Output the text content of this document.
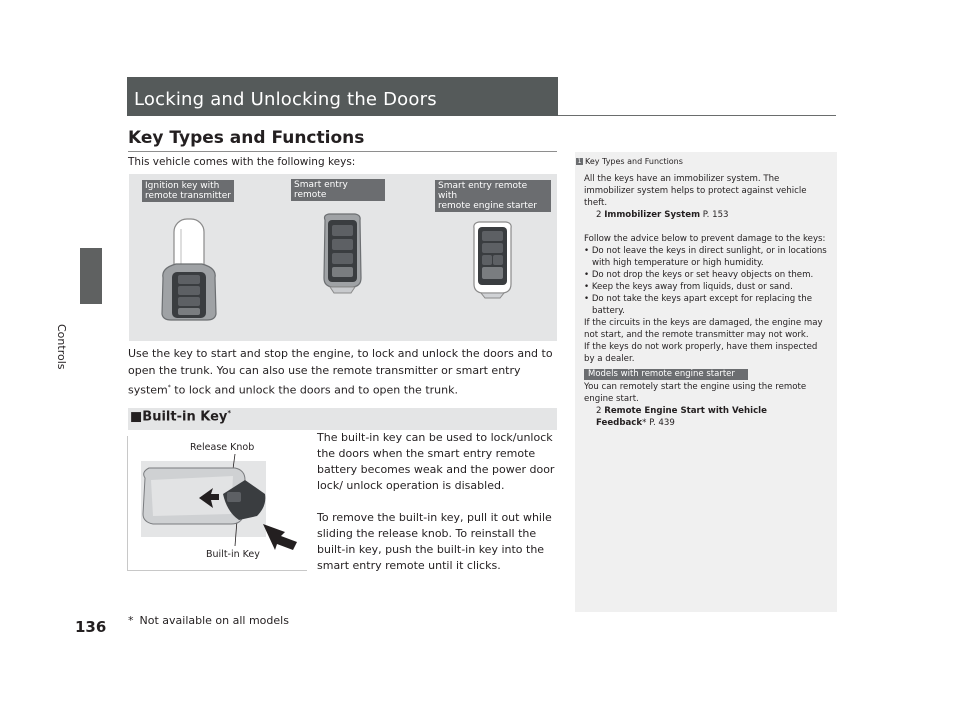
Controls
Locking and Unlocking the Doors
Key Types and Functions
This vehicle comes with the following keys:
Ignition key with
remote transmitter
Smart entry remote
Smart entry remote with
remote engine starter
Use the key to start and stop the engine, to lock and unlock the doors and to open the trunk. You can also use the remote transmitter or smart entry system* to lock and unlock the doors and to open the trunk.
■Built-in Key*
Release Knob
Built-in Key

The built-in key can be used to lock/unlock the doors when the smart entry remote battery becomes weak and the power door lock/ unlock operation is disabled.

To remove the built-in key, pull it out while sliding the release knob. To reinstall the built-in key, push the built-in key into the smart entry remote until it clicks.

1 Key Types and Functions
All the keys have an immobilizer system. The immobilizer system helps to protect against vehicle theft.
2 Immobilizer System P. 153
Follow the advice below to prevent damage to the keys:
• Do not leave the keys in direct sunlight, or in locations with high temperature or high humidity.
• Do not drop the keys or set heavy objects on them.
• Keep the keys away from liquids, dust or sand.
• Do not take the keys apart except for replacing the battery.
If the circuits in the keys are damaged, the engine may not start, and the remote transmitter may not work.
If the keys do not work properly, have them inspected by a dealer.
Models with remote engine starter
You can remotely start the engine using the remote engine start.
2 Remote Engine Start with Vehicle
Feedback* P. 439
136 * Not available on all models
